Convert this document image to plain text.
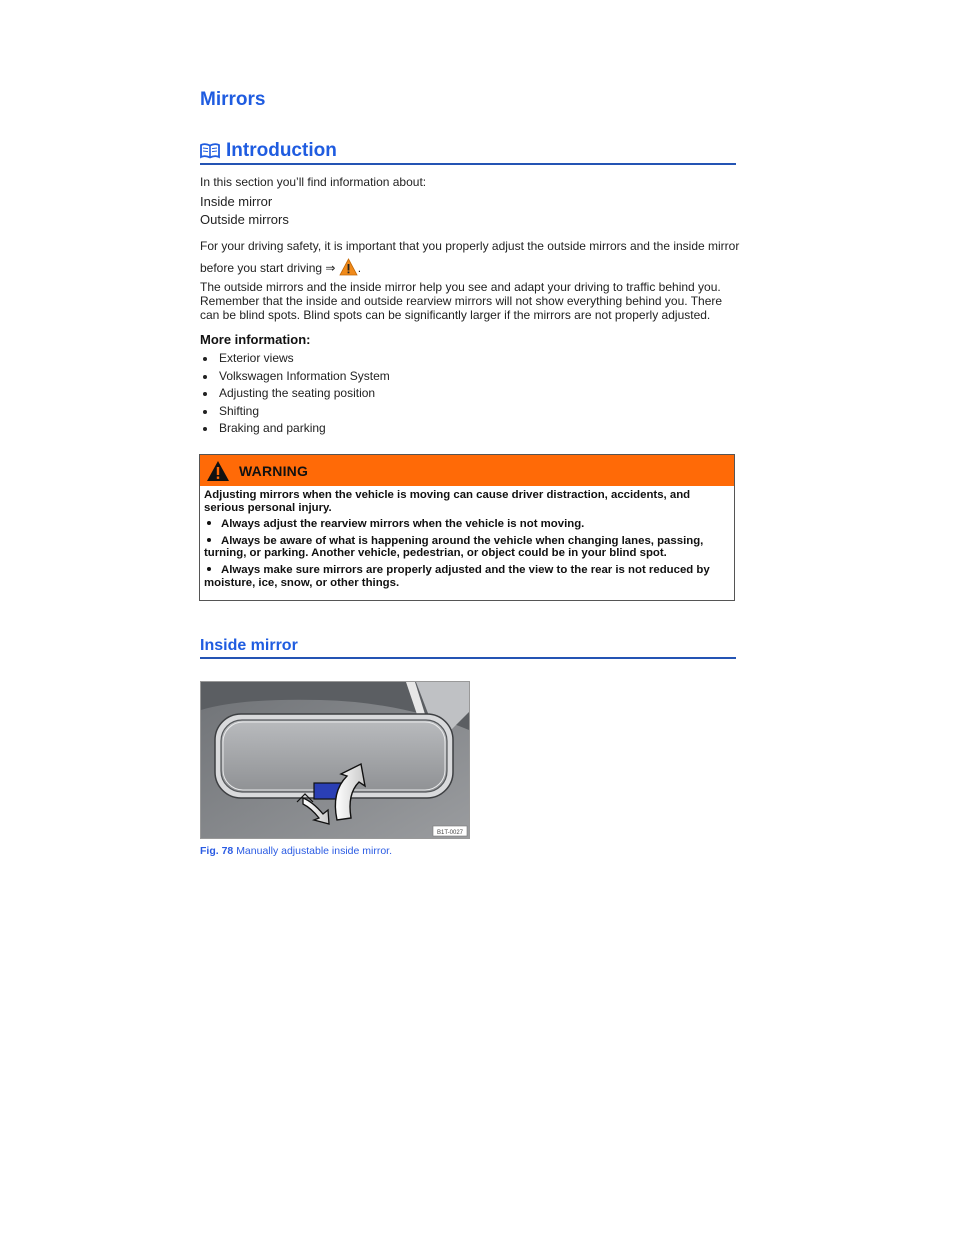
Mirrors
Introduction

In this section you’ll find information about:

Inside mirror

Outside mirrors

For your driving safety, it is important that you properly adjust the outside mirrors and the inside mirror

before you start driving ⇒ .

The outside mirrors and the inside mirror help you see and adapt your driving to traffic behind you.

Remember that the inside and outside rearview mirrors will not show everything behind you. There

can be blind spots. Blind spots can be significantly larger if the mirrors are not properly adjusted.

More information:

Exterior views
Volkswagen Information System
Adjusting the seating position
Shifting
Braking and parking
WARNING

Adjusting mirrors when the vehicle is moving can cause driver distraction, accidents, and serious personal injury.

Always adjust the rearview mirrors when the vehicle is not moving.

Always be aware of what is happening around the vehicle when changing lanes, passing, turning, or parking. Another vehicle, pedestrian, or object could be in your blind spot.

Always make sure mirrors are properly adjusted and the view to the rear is not reduced by moisture, ice, snow, or other things.

Inside mirror
B1T-0027

Fig. 78 Manually adjustable inside mirror.
